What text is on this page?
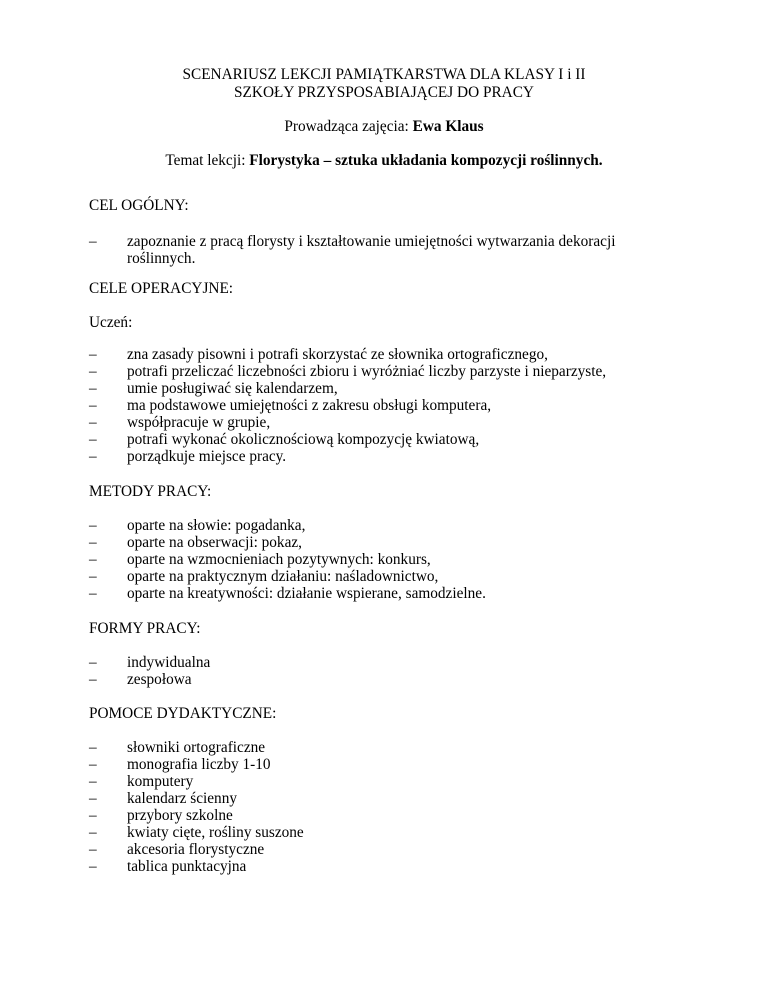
SCENARIUSZ LEKCJI PAMIĄTKARSTWA DLA KLASY I i II
SZKOŁY PRZYSPOSABIAJĄCEJ DO PRACY
Prowadząca zajęcia: Ewa Klaus
Temat lekcji: Florystyka – sztuka układania kompozycji roślinnych.
CEL OGÓLNY:
– zapoznanie z pracą florysty i kształtowanie umiejętności wytwarzania dekoracji roślinnych.
CELE OPERACYJNE:
Uczeń:
– zna zasady pisowni i potrafi skorzystać ze słownika ortograficznego,
– potrafi przeliczać liczebności zbioru i wyróżniać liczby parzyste i nieparzyste,
– umie posługiwać się kalendarzem,
– ma podstawowe umiejętności z zakresu obsługi komputera,
– współpracuje w grupie,
– potrafi wykonać okolicznościową kompozycję kwiatową,
– porządkuje miejsce pracy.
METODY PRACY:
– oparte na słowie: pogadanka,
– oparte na obserwacji: pokaz,
– oparte na wzmocnieniach pozytywnych: konkurs,
– oparte na praktycznym działaniu: naśladownictwo,
– oparte na kreatywności: działanie wspierane, samodzielne.
FORMY PRACY:
– indywidualna
– zespołowa
POMOCE DYDAKTYCZNE:
– słowniki ortograficzne
– monografia liczby 1-10
– komputery
– kalendarz ścienny
– przybory szkolne
– kwiaty cięte, rośliny suszone
– akcesoria florystyczne
– tablica punktacyjna
